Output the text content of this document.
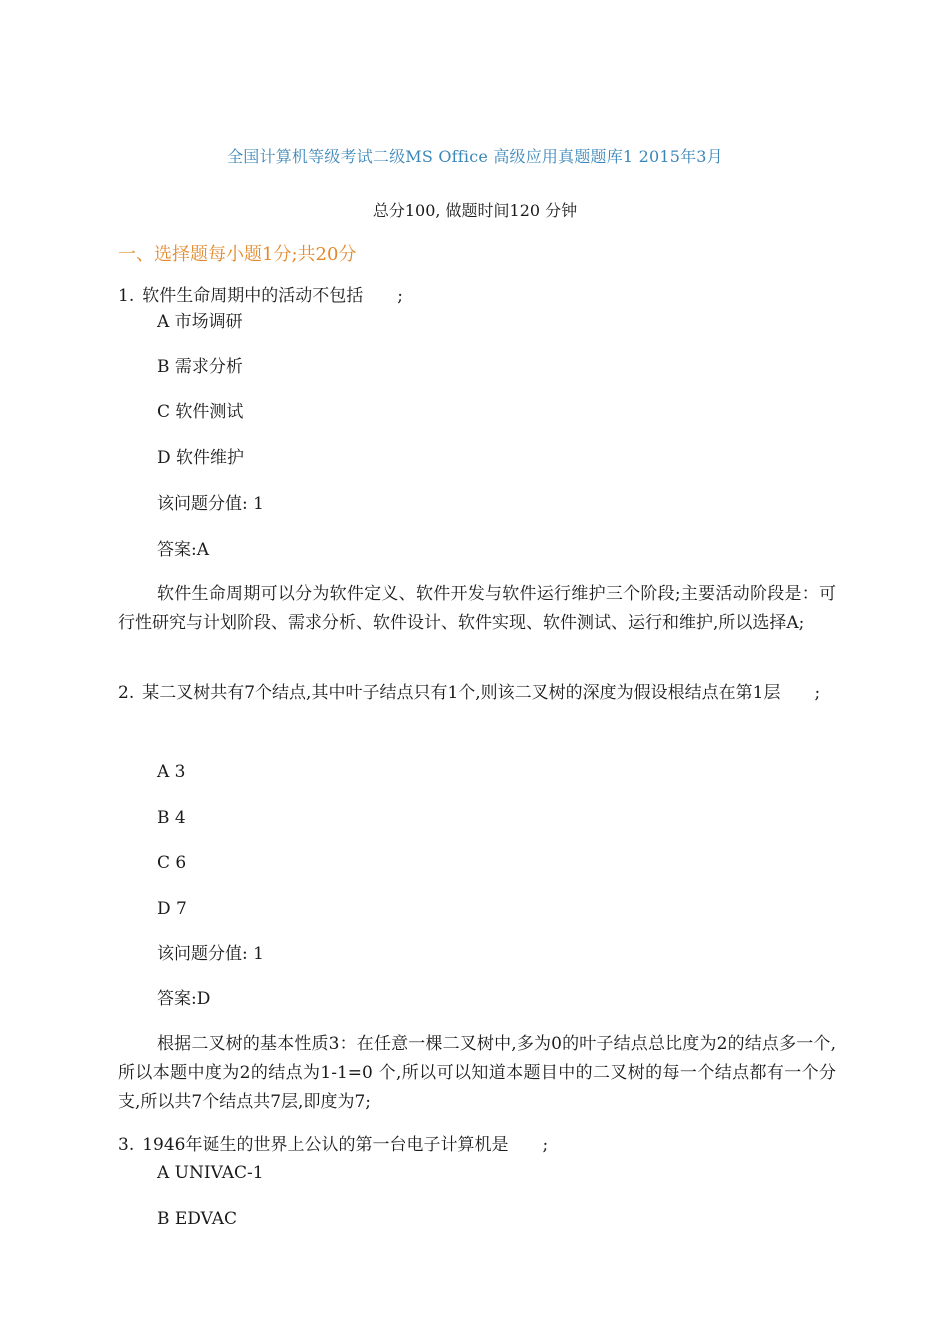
全国计算机等级考试二级MS Office 高级应用真题题库1 2015年3月
总分100, 做题时间120 分钟
一、选择题每小题1分;共20分
1. 软件生命周期中的活动不包括　　;
A 市场调研
B 需求分析
C 软件测试
D 软件维护
该问题分值: 1
答案:A
软件生命周期可以分为软件定义、软件开发与软件运行维护三个阶段;主要活动阶段是：可行性研究与计划阶段、需求分析、软件设计、软件实现、软件测试、运行和维护,所以选择A;
2. 某二叉树共有7个结点,其中叶子结点只有1个,则该二叉树的深度为假设根结点在第1层　　;
A 3
B 4
C 6
D 7
该问题分值: 1
答案:D
根据二叉树的基本性质3：在任意一棵二叉树中,多为0的叶子结点总比度为2的结点多一个,所以本题中度为2的结点为1-1=0 个,所以可以知道本题目中的二叉树的每一个结点都有一个分支,所以共7个结点共7层,即度为7;
3. 1946年诞生的世界上公认的第一台电子计算机是　　;
A UNIVAC-1
B EDVAC
